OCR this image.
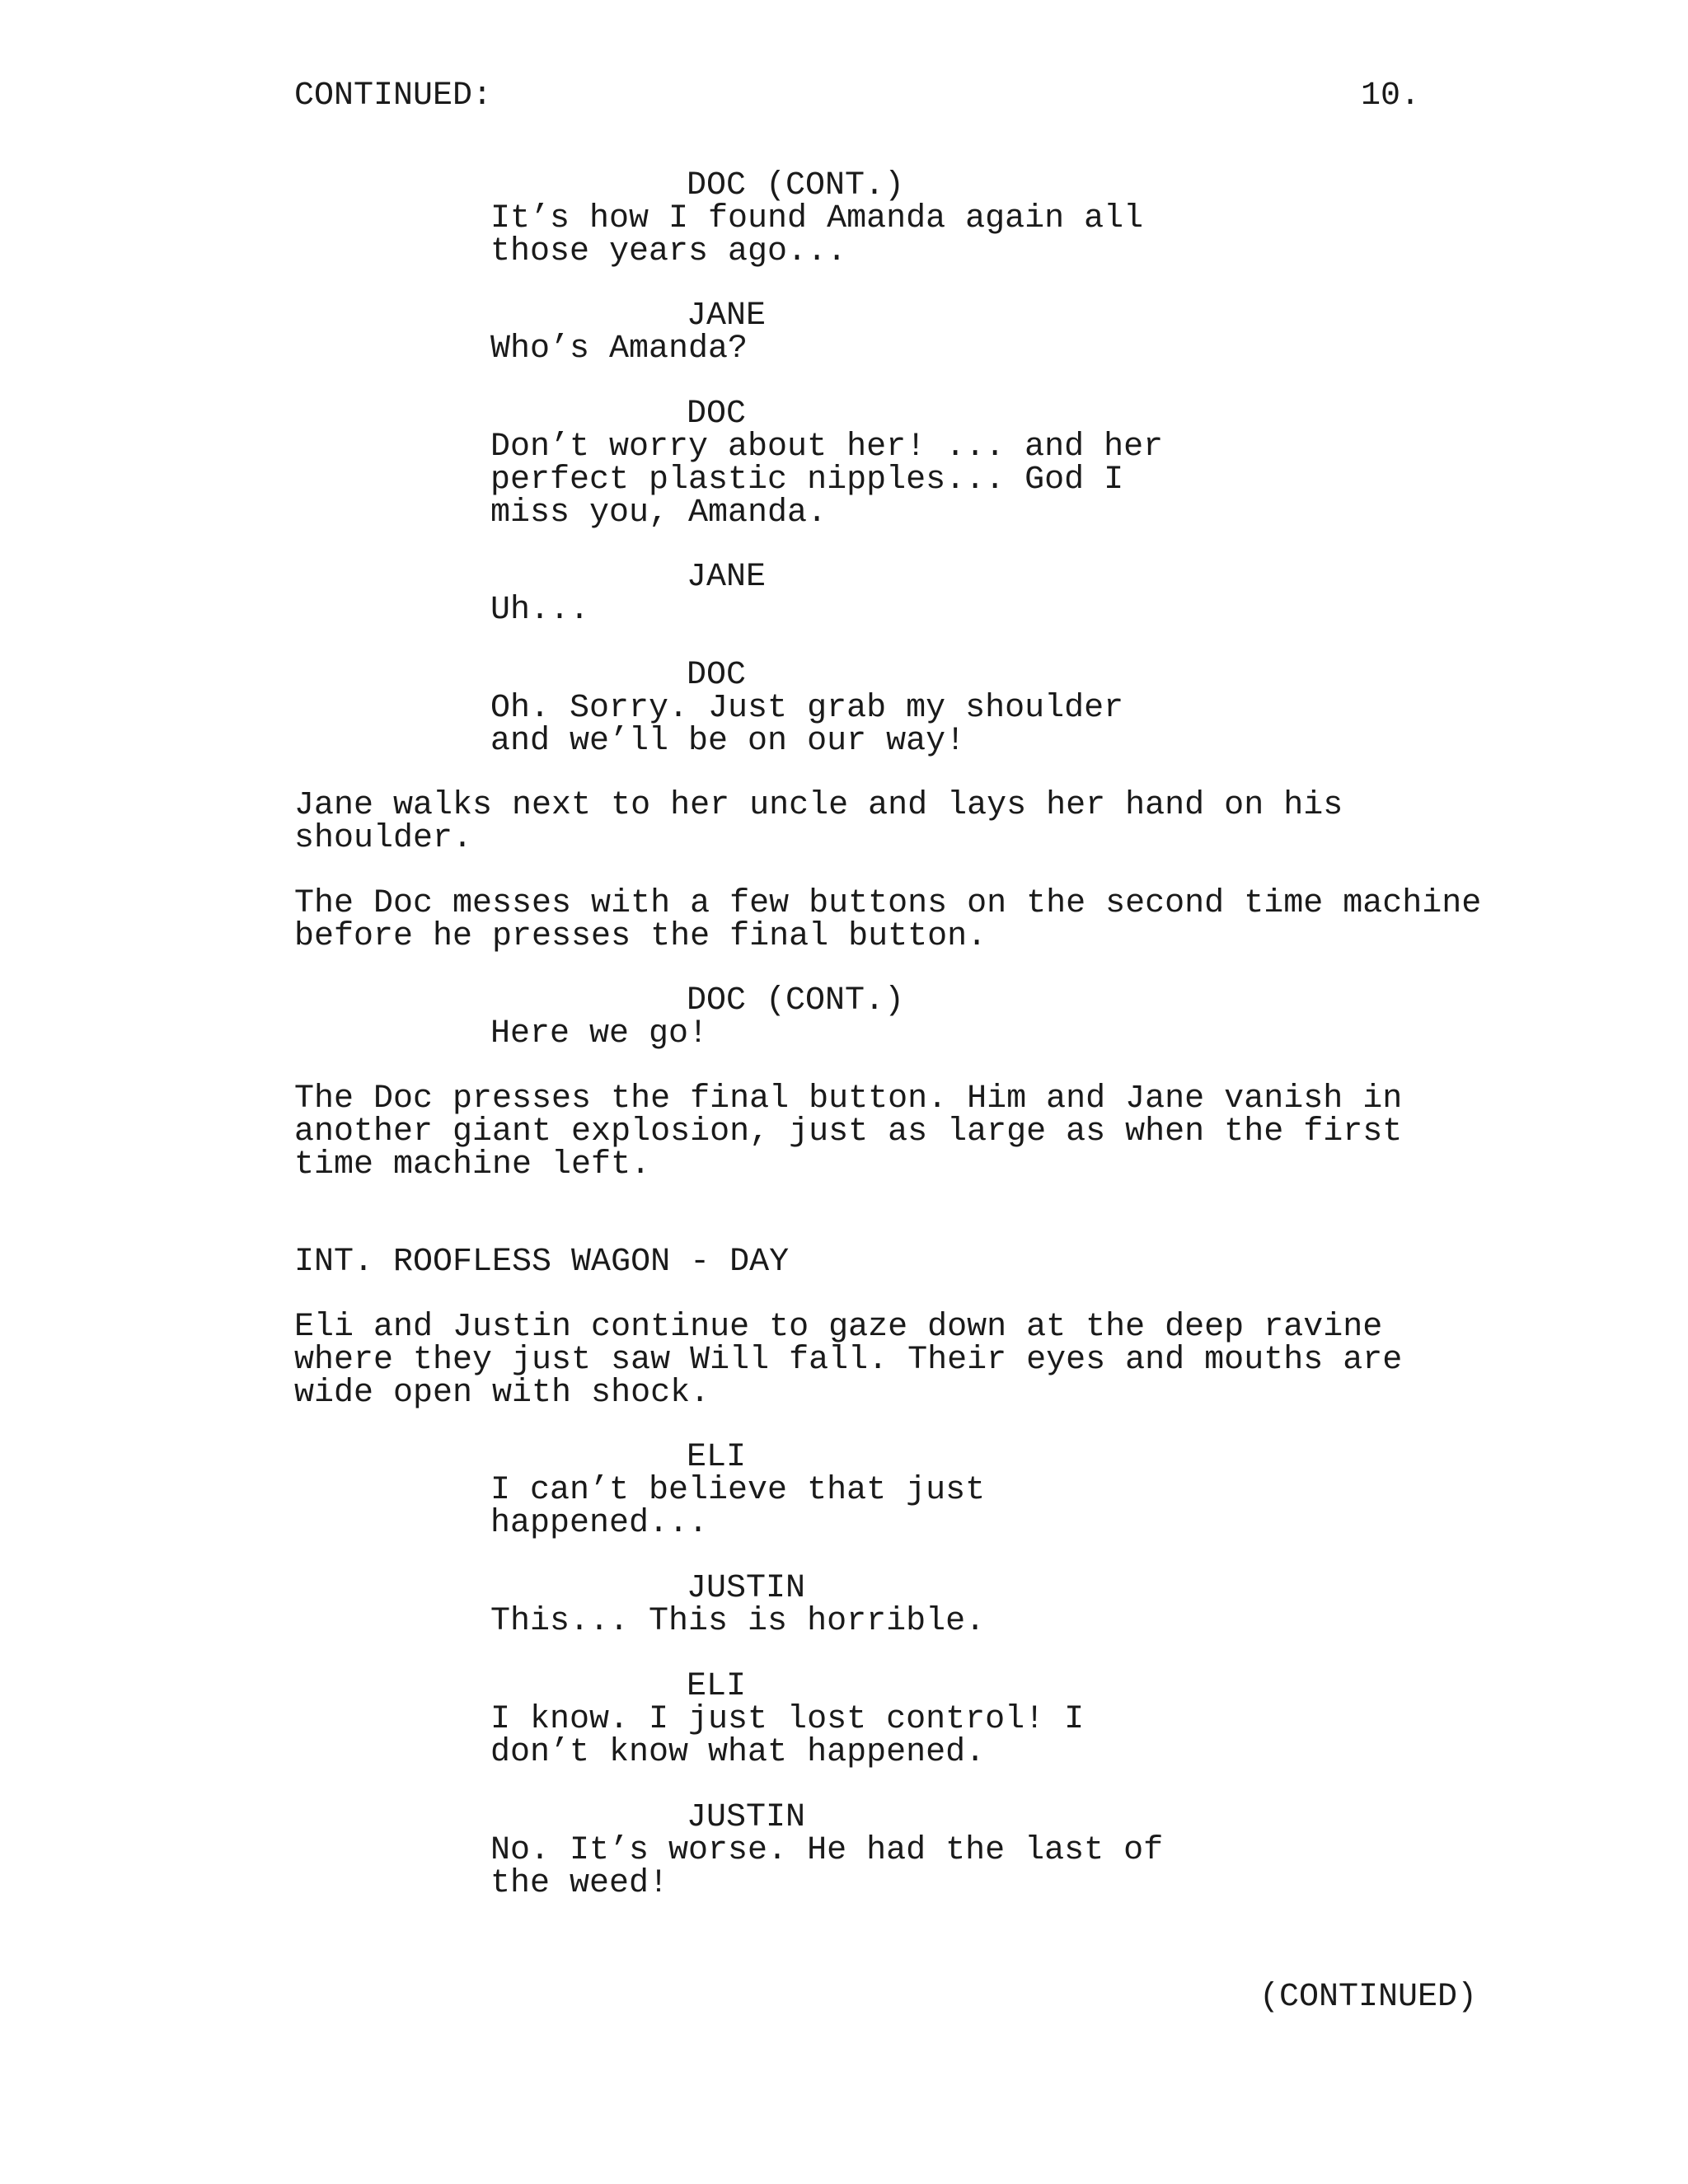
CONTINUED:	10.
DOC (CONT.)
It’s how I found Amanda again all
those years ago...
JANE
Who’s Amanda?
DOC
Don’t worry about her! ... and her
perfect plastic nipples... God I
miss you, Amanda.
JANE
Uh...
DOC
Oh. Sorry. Just grab my shoulder
and we’ll be on our way!
Jane walks next to her uncle and lays her hand on his
shoulder.
The Doc messes with a few buttons on the second time machine
before he presses the final button.
DOC (CONT.)
Here we go!
The Doc presses the final button. Him and Jane vanish in
another giant explosion, just as large as when the first
time machine left.
INT. ROOFLESS WAGON - DAY
Eli and Justin continue to gaze down at the deep ravine
where they just saw Will fall. Their eyes and mouths are
wide open with shock.
ELI
I can’t believe that just
happened...
JUSTIN
This... This is horrible.
ELI
I know. I just lost control! I
don’t know what happened.
JUSTIN
No. It’s worse. He had the last of
the weed!
(CONTINUED)
